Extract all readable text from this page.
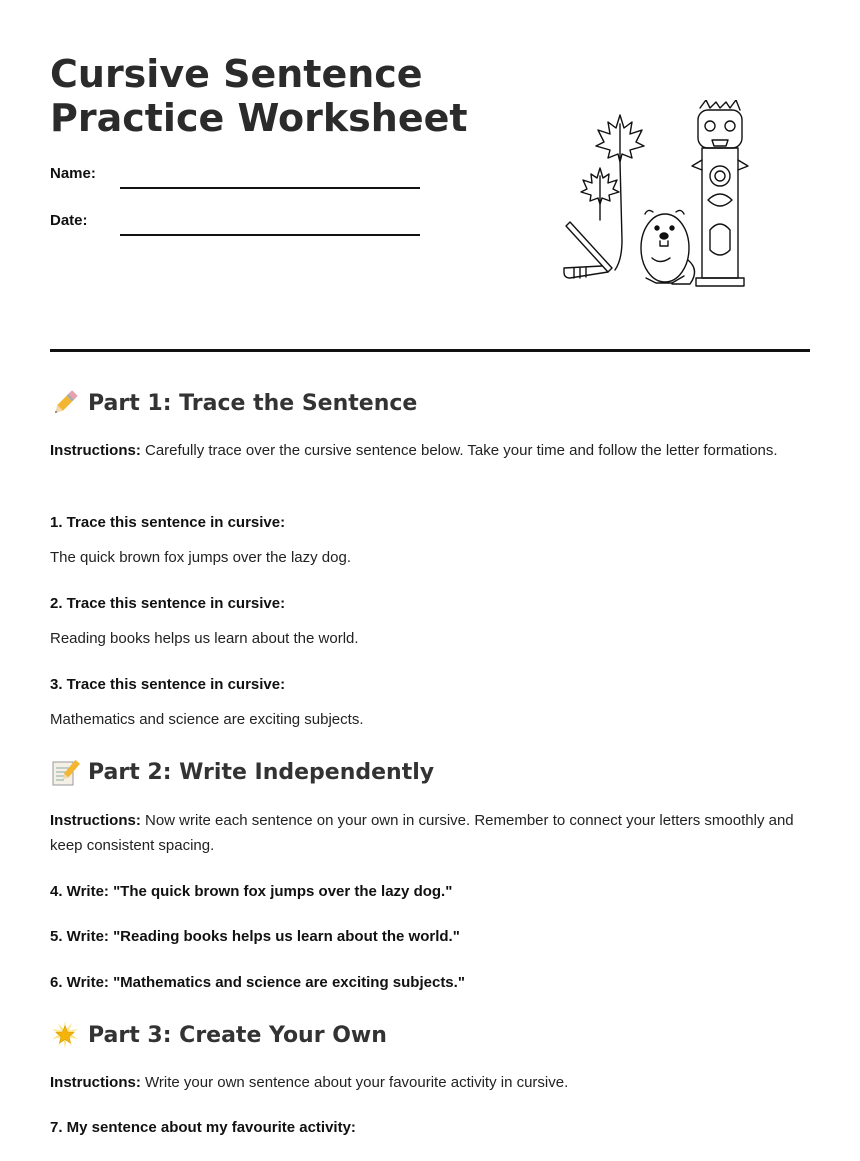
Cursive Sentence
Practice Worksheet
Name:
Date:
Part 1: Trace the Sentence
Instructions: Carefully trace over the cursive sentence below. Take your time and follow the letter formations.
1. Trace this sentence in cursive:
The quick brown fox jumps over the lazy dog.
2. Trace this sentence in cursive:
Reading books helps us learn about the world.
3. Trace this sentence in cursive:
Mathematics and science are exciting subjects.
Part 2: Write Independently
Instructions: Now write each sentence on your own in cursive. Remember to connect your letters smoothly and keep consistent spacing.
4. Write: "The quick brown fox jumps over the lazy dog."
5. Write: "Reading books helps us learn about the world."
6. Write: "Mathematics and science are exciting subjects."
Part 3: Create Your Own
Instructions: Write your own sentence about your favourite activity in cursive.
7. My sentence about my favourite activity:
